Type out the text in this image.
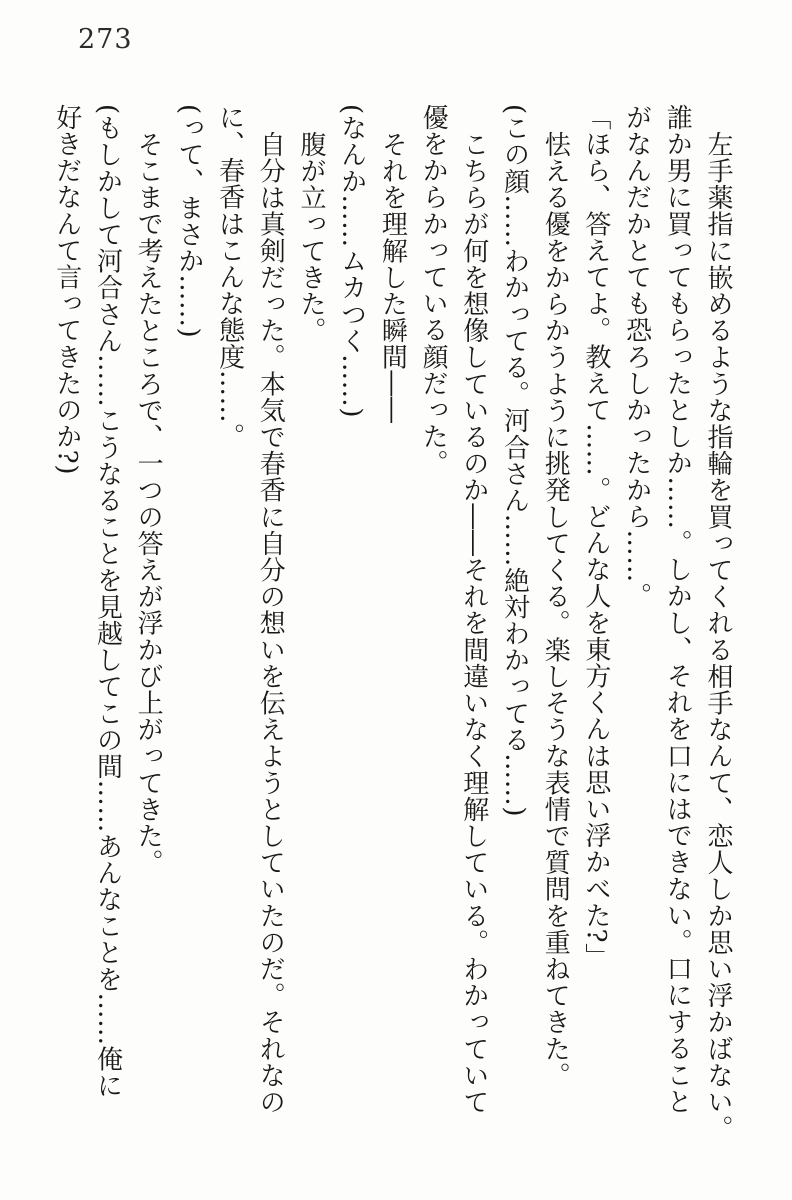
273

左手薬指に嵌めるような指輪を買ってくれる相手なんて、恋人しか思い浮かばない。

誰か男に買ってもらったとしか……。しかし、それを口にはできない。口にすること

がなんだかとても恐ろしかったから……。

「ほら、答えてよ。教えて……。どんな人を東方くんは思い浮かべた?」

怯える優をからかうように挑発してくる。楽しそうな表情で質問を重ねてきた。

(この顔……わかってる。河合さん……絶対わかってる……)

こちらが何を想像しているのか――それを間違いなく理解している。わかっていて

優をからかっている顔だった。

それを理解した瞬間――

(なんか……ムカつく……)

腹が立ってきた。

自分は真剣だった。本気で春香に自分の想いを伝えようとしていたのだ。それなの

に、春香はこんな態度……。

(って、まさか……)

そこまで考えたところで、一つの答えが浮かび上がってきた。

(もしかして河合さん……こうなることを見越してこの間……あんなことを……俺に

好きだなんて言ってきたのか?)
